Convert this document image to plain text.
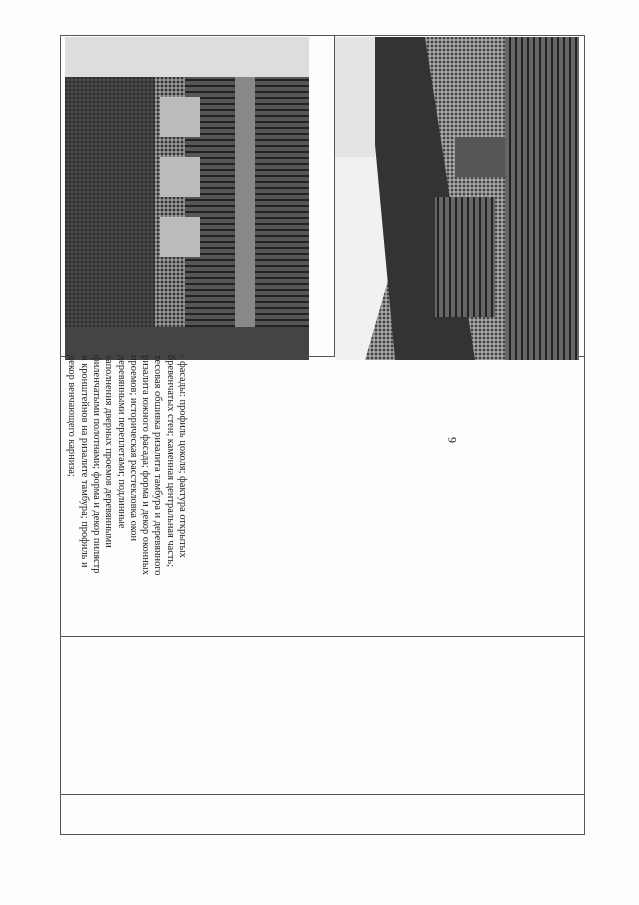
9
- фасады: профиль цоколя; фактура открытых
бревенчатых стен; каменная центральная часть;
тесовая обшивка ризалита тамбура и деревянного
ризалита южного фасада; форма и декор оконных
проемов; историческая расстекловка окон
деревянными переплетами; подлинные
заполнения дверных проемов деревянными
филенчатыми полотнами; форма и декор пилястр
и кронштейнов на ризалите тамбура; профиль и
декор венчающего карниза;
